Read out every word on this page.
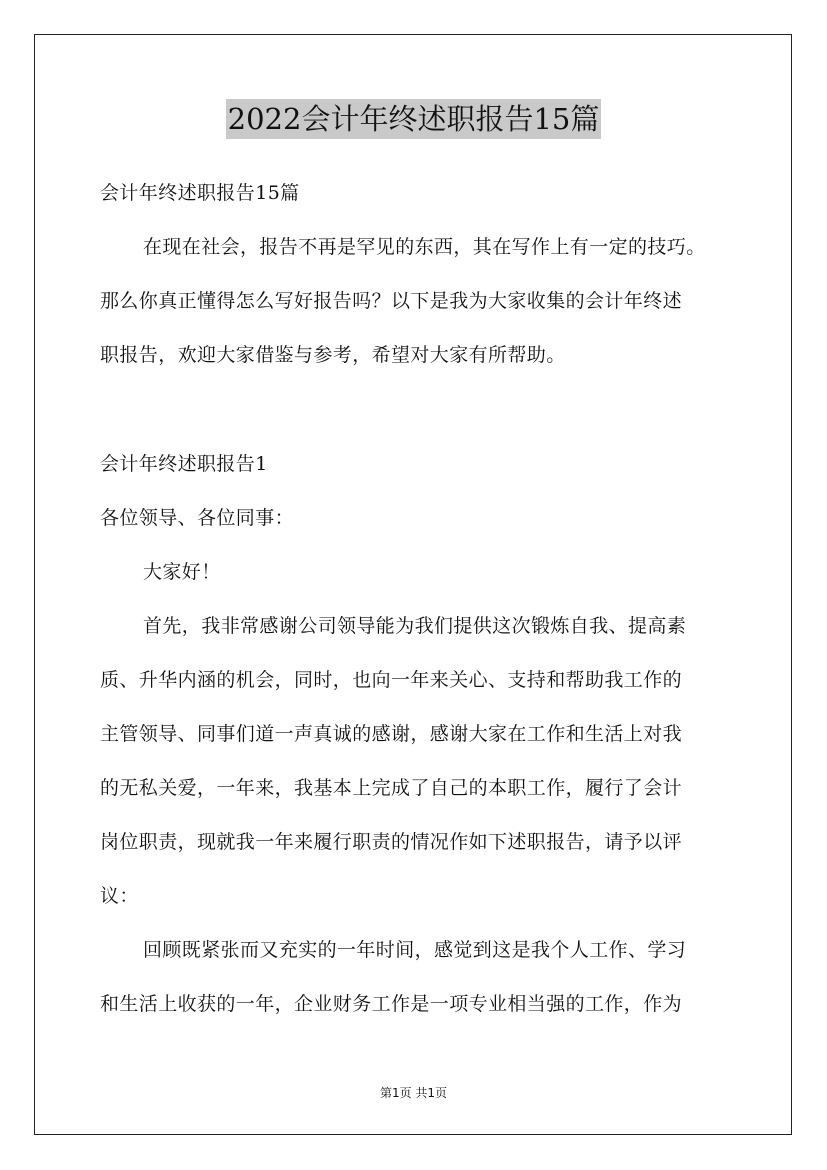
2022会计年终述职报告15篇
会计年终述职报告15篇
在现在社会，报告不再是罕见的东西，其在写作上有一定的技巧。
那么你真正懂得怎么写好报告吗？以下是我为大家收集的会计年终述
职报告，欢迎大家借鉴与参考，希望对大家有所帮助。
会计年终述职报告1
各位领导、各位同事：
大家好！
首先，我非常感谢公司领导能为我们提供这次锻炼自我、提高素
质、升华内涵的机会，同时，也向一年来关心、支持和帮助我工作的
主管领导、同事们道一声真诚的感谢，感谢大家在工作和生活上对我
的无私关爱，一年来，我基本上完成了自己的本职工作，履行了会计
岗位职责，现就我一年来履行职责的情况作如下述职报告，请予以评
议：
回顾既紧张而又充实的一年时间，感觉到这是我个人工作、学习
和生活上收获的一年，企业财务工作是一项专业相当强的工作，作为
第1页 共1页
